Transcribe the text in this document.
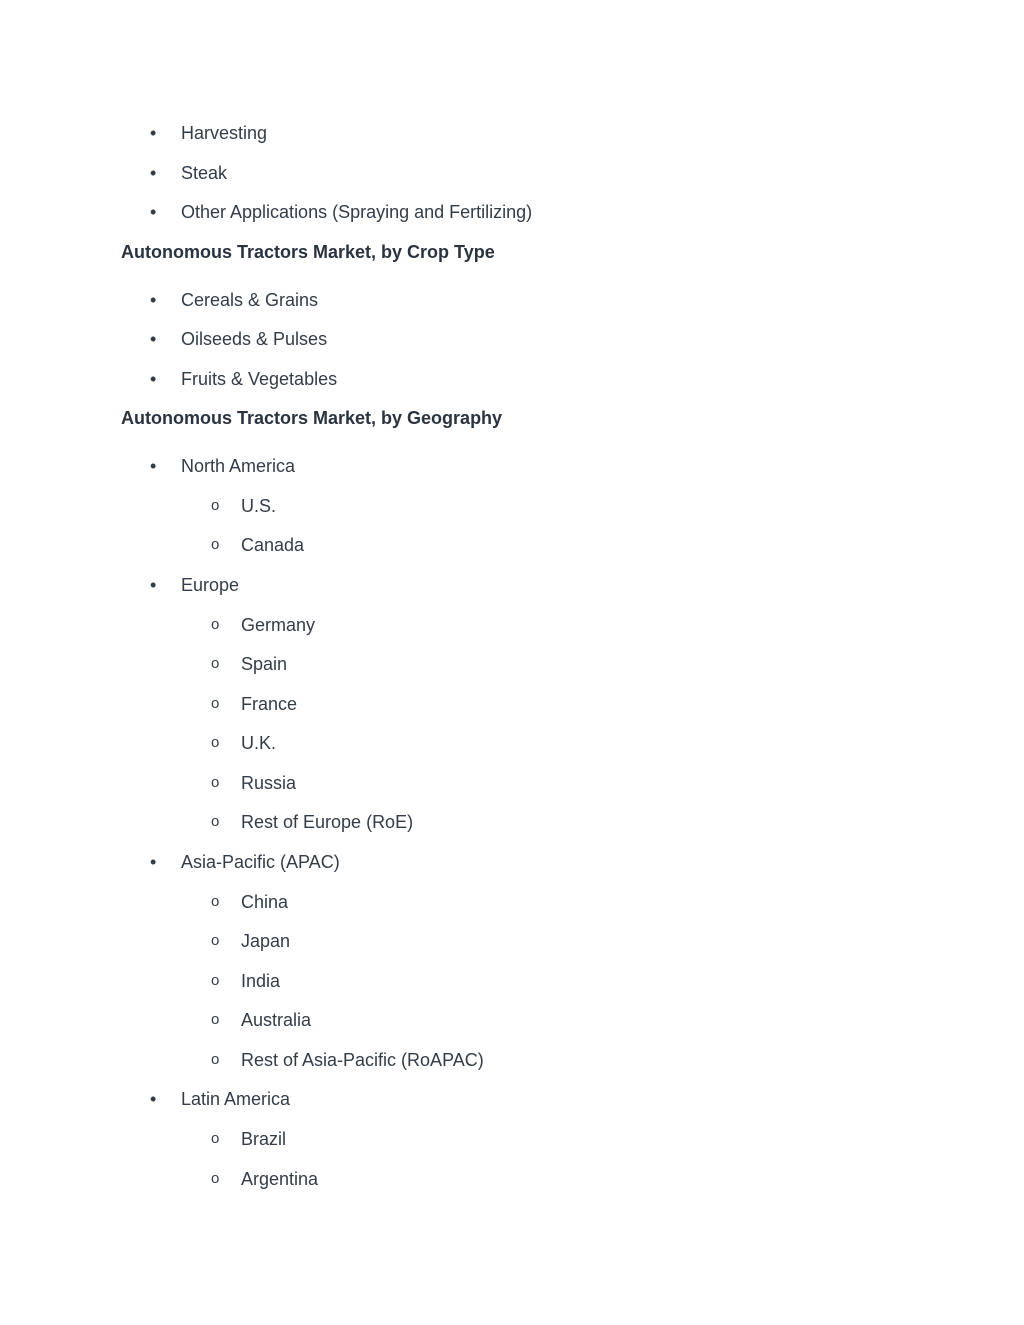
• Harvesting
• Steak
• Other Applications (Spraying and Fertilizing)
Autonomous Tractors Market, by Crop Type
• Cereals & Grains
• Oilseeds & Pulses
• Fruits & Vegetables
Autonomous Tractors Market, by Geography
• North America
o U.S.
o Canada
• Europe
o Germany
o Spain
o France
o U.K.
o Russia
o Rest of Europe (RoE)
• Asia-Pacific (APAC)
o China
o Japan
o India
o Australia
o Rest of Asia-Pacific (RoAPAC)
• Latin America
o Brazil
o Argentina
